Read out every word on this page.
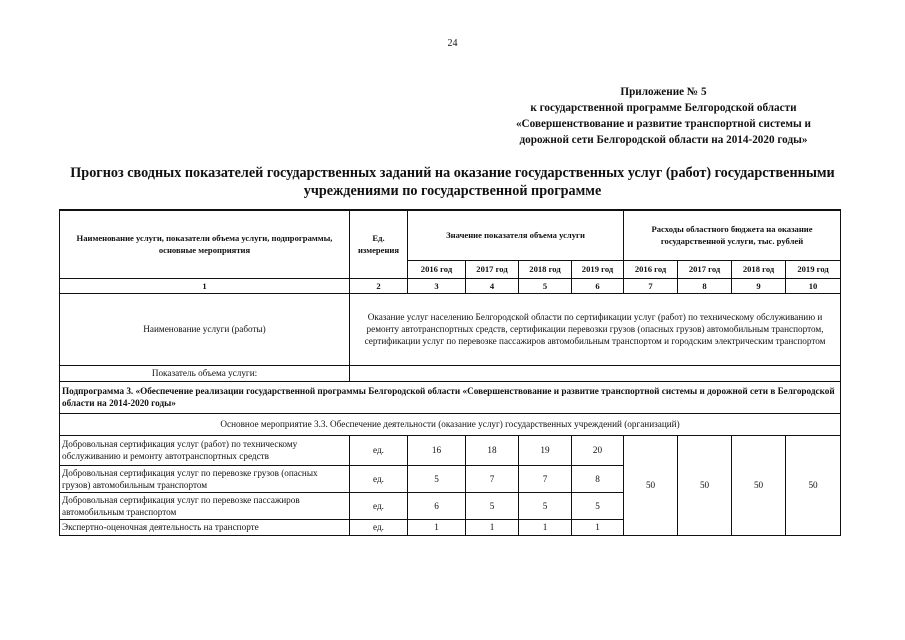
24
Приложение № 5
к государственной программе Белгородской области
«Совершенствование и развитие транспортной системы и
дорожной сети Белгородской области на 2014-2020 годы»
Прогноз сводных показателей государственных заданий на оказание государственных услуг (работ) государственными
учреждениями по государственной программе
Наименование услуги, показатели объема услуги, подпрограммы, основные мероприятия	Ед. измерения	Значение показателя объема услуги				Расходы областного бюджета на оказание государственной услуги, тыс. рублей			
		2016 год	2017 год	2018 год	2019 год	2016 год	2017 год	2018 год	2019 год
1	2	3	4	5	6	7	8	9	10
Наименование услуги (работы)	Оказание услуг населению Белгородской области по сертификации услуг (работ) по техническому обслуживанию и ремонту автотранспортных средств, сертификации перевозки грузов (опасных грузов) автомобильным транспортом, сертификации услуг по перевозке пассажиров автомобильным транспортом и городским электрическим транспортом								
Показатель объема услуги:									
Подпрограмма 3. «Обеспечение реализации государственной программы Белгородской области «Совершенствование и развитие транспортной системы и дорожной сети в Белгородской области на 2014-2020 годы»									
Основное мероприятие 3.3. Обеспечение деятельности (оказание услуг) государственных учреждений (организаций)									
Добровольная сертификация услуг (работ) по техническому обслуживанию и ремонту автотранспортных средств	ед.	16	18	19	20	50	50	50	50
Добровольная сертификация услуг по перевозке грузов (опасных грузов) автомобильным транспортом	ед.	5	7	7	8				
Добровольная сертификация услуг по перевозке пассажиров автомобильным транспортом	ед.	6	5	5	5				
Экспертно-оценочная деятельность на транспорте	ед.	1	1	1	1				
